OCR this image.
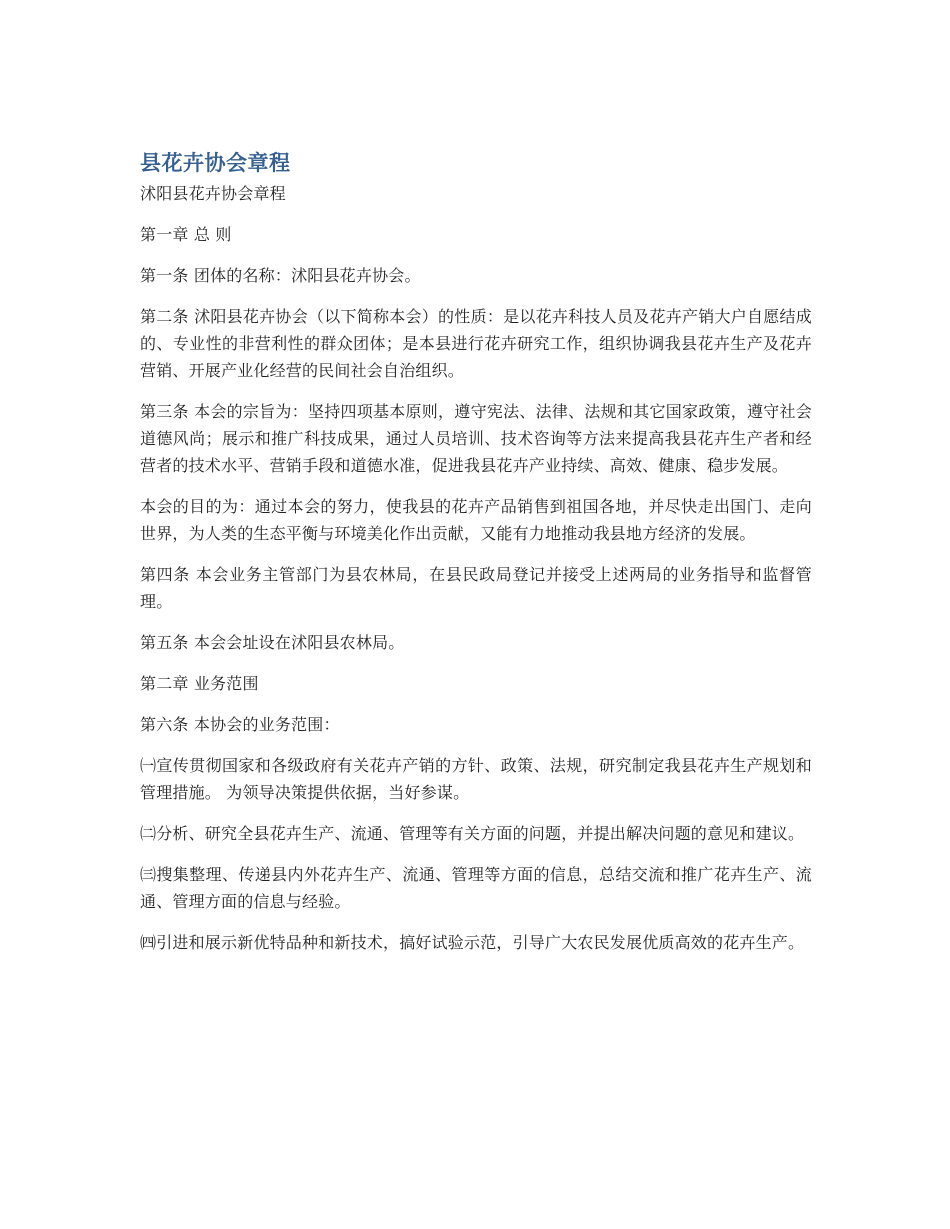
县花卉协会章程

沭阳县花卉协会章程

第一章 总 则

第一条 团体的名称：沭阳县花卉协会。

第二条 沭阳县花卉协会（以下简称本会）的性质：是以花卉科技人员及花卉产销大户自愿结成的、专业性的非营利性的群众团体；是本县进行花卉研究工作，组织协调我县花卉生产及花卉营销、开展产业化经营的民间社会自治组织。

第三条 本会的宗旨为：坚持四项基本原则，遵守宪法、法律、法规和其它国家政策，遵守社会道德风尚；展示和推广科技成果，通过人员培训、技术咨询等方法来提高我县花卉生产者和经营者的技术水平、营销手段和道德水准，促进我县花卉产业持续、高效、健康、稳步发展。

本会的目的为：通过本会的努力，使我县的花卉产品销售到祖国各地，并尽快走出国门、走向世界，为人类的生态平衡与环境美化作出贡献，又能有力地推动我县地方经济的发展。

第四条 本会业务主管部门为县农林局，在县民政局登记并接受上述两局的业务指导和监督管理。

第五条 本会会址设在沭阳县农林局。

第二章 业务范围

第六条 本协会的业务范围：

㈠宣传贯彻国家和各级政府有关花卉产销的方针、政策、法规，研究制定我县花卉生产规划和管理措施。 为领导决策提供依据，当好参谋。

㈡分析、研究全县花卉生产、流通、管理等有关方面的问题，并提出解决问题的意见和建议。

㈢搜集整理、传递县内外花卉生产、流通、管理等方面的信息，总结交流和推广花卉生产、流通、管理方面的信息与经验。

㈣引进和展示新优特品种和新技术，搞好试验示范，引导广大农民发展优质高效的花卉生产。
